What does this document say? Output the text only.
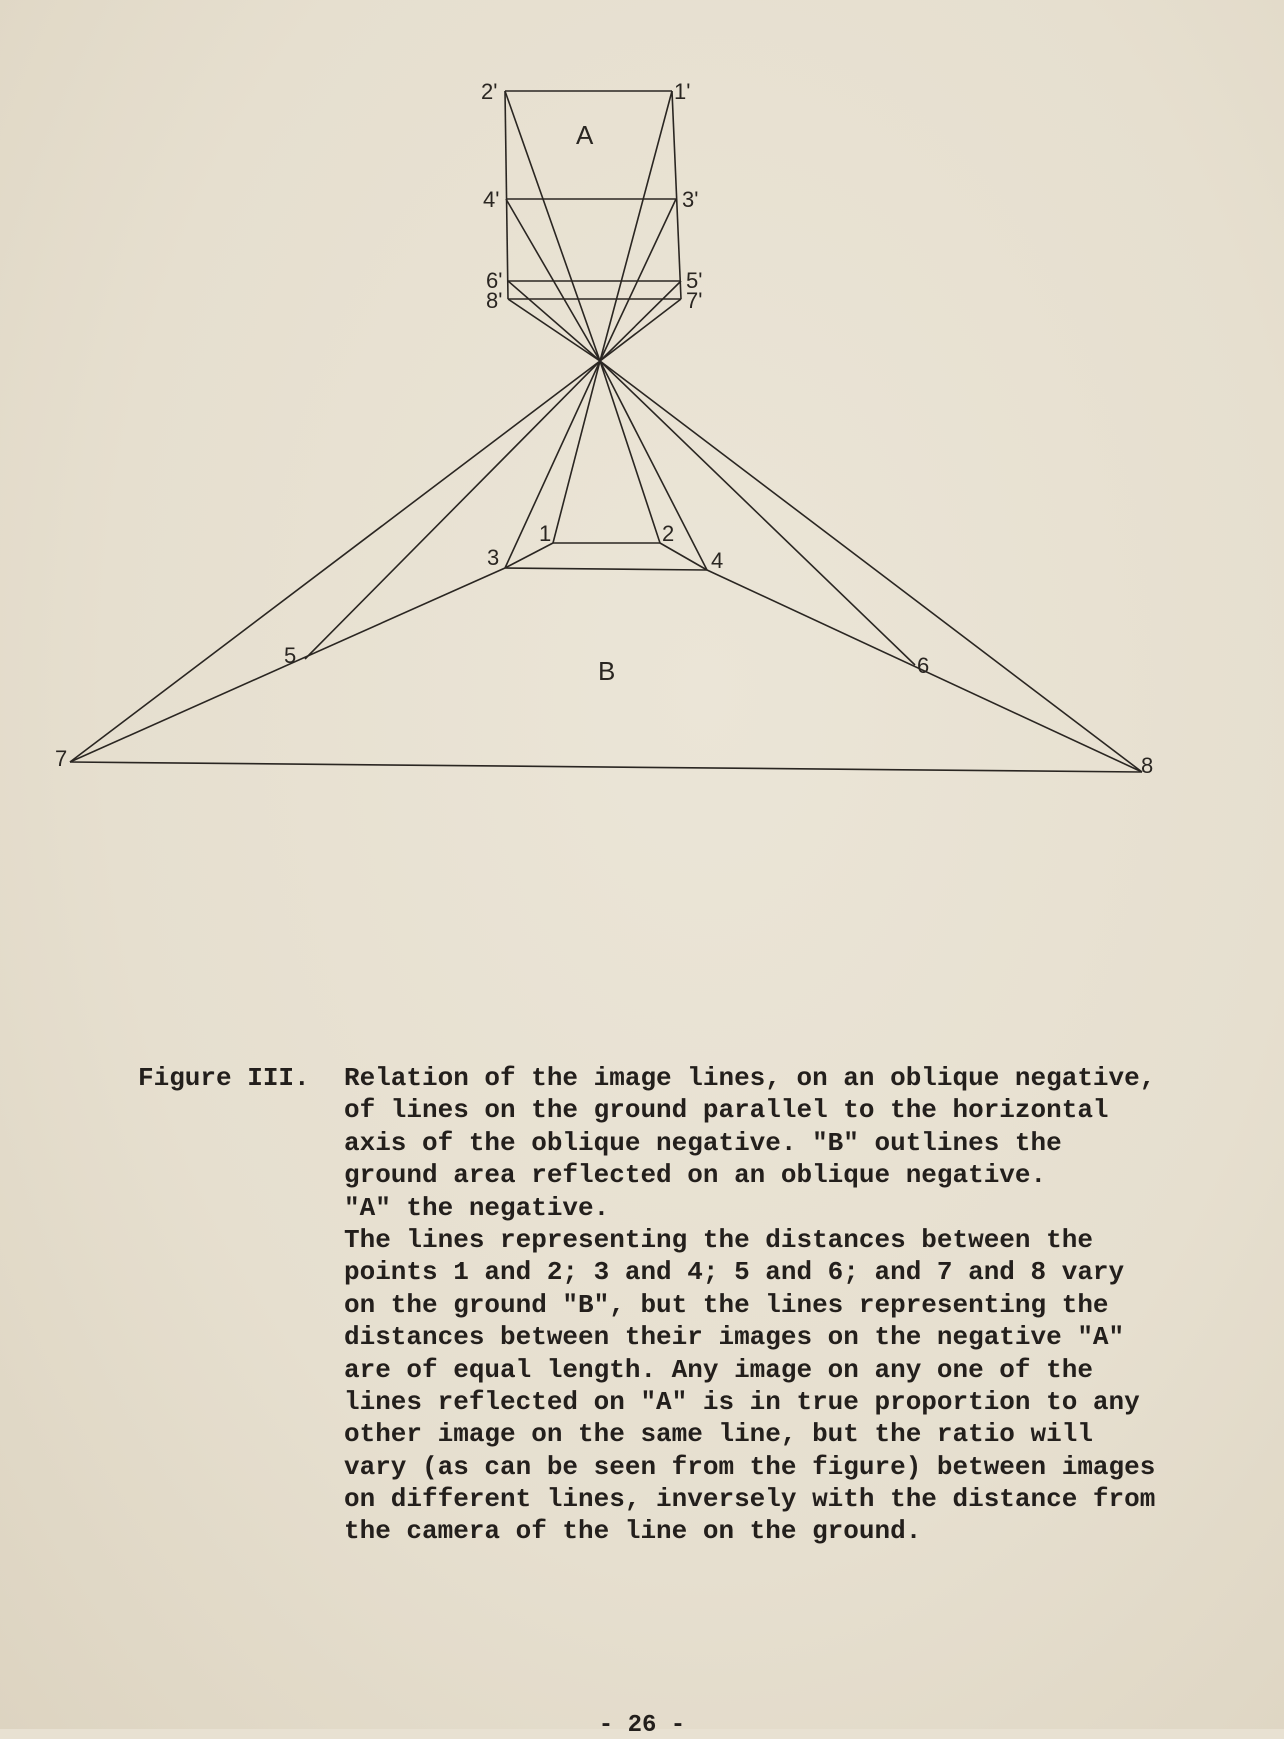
A
B
1'
2'
3'
4'
5'
6'
7'
8'
1	2
3	4
5	6
7	8
Figure III. Relation of the image lines, on an oblique negative,
of lines on the ground parallel to the horizontal
axis of the oblique negative. "B" outlines the
ground area reflected on an oblique negative.
"A" the negative.
The lines representing the distances between the
points 1 and 2; 3 and 4; 5 and 6; and 7 and 8 vary
on the ground "B", but the lines representing the
distances between their images on the negative "A"
are of equal length. Any image on any one of the
lines reflected on "A" is in true proportion to any
other image on the same line, but the ratio will
vary (as can be seen from the figure) between images
on different lines, inversely with the distance from
the camera of the line on the ground.
- 26 -
